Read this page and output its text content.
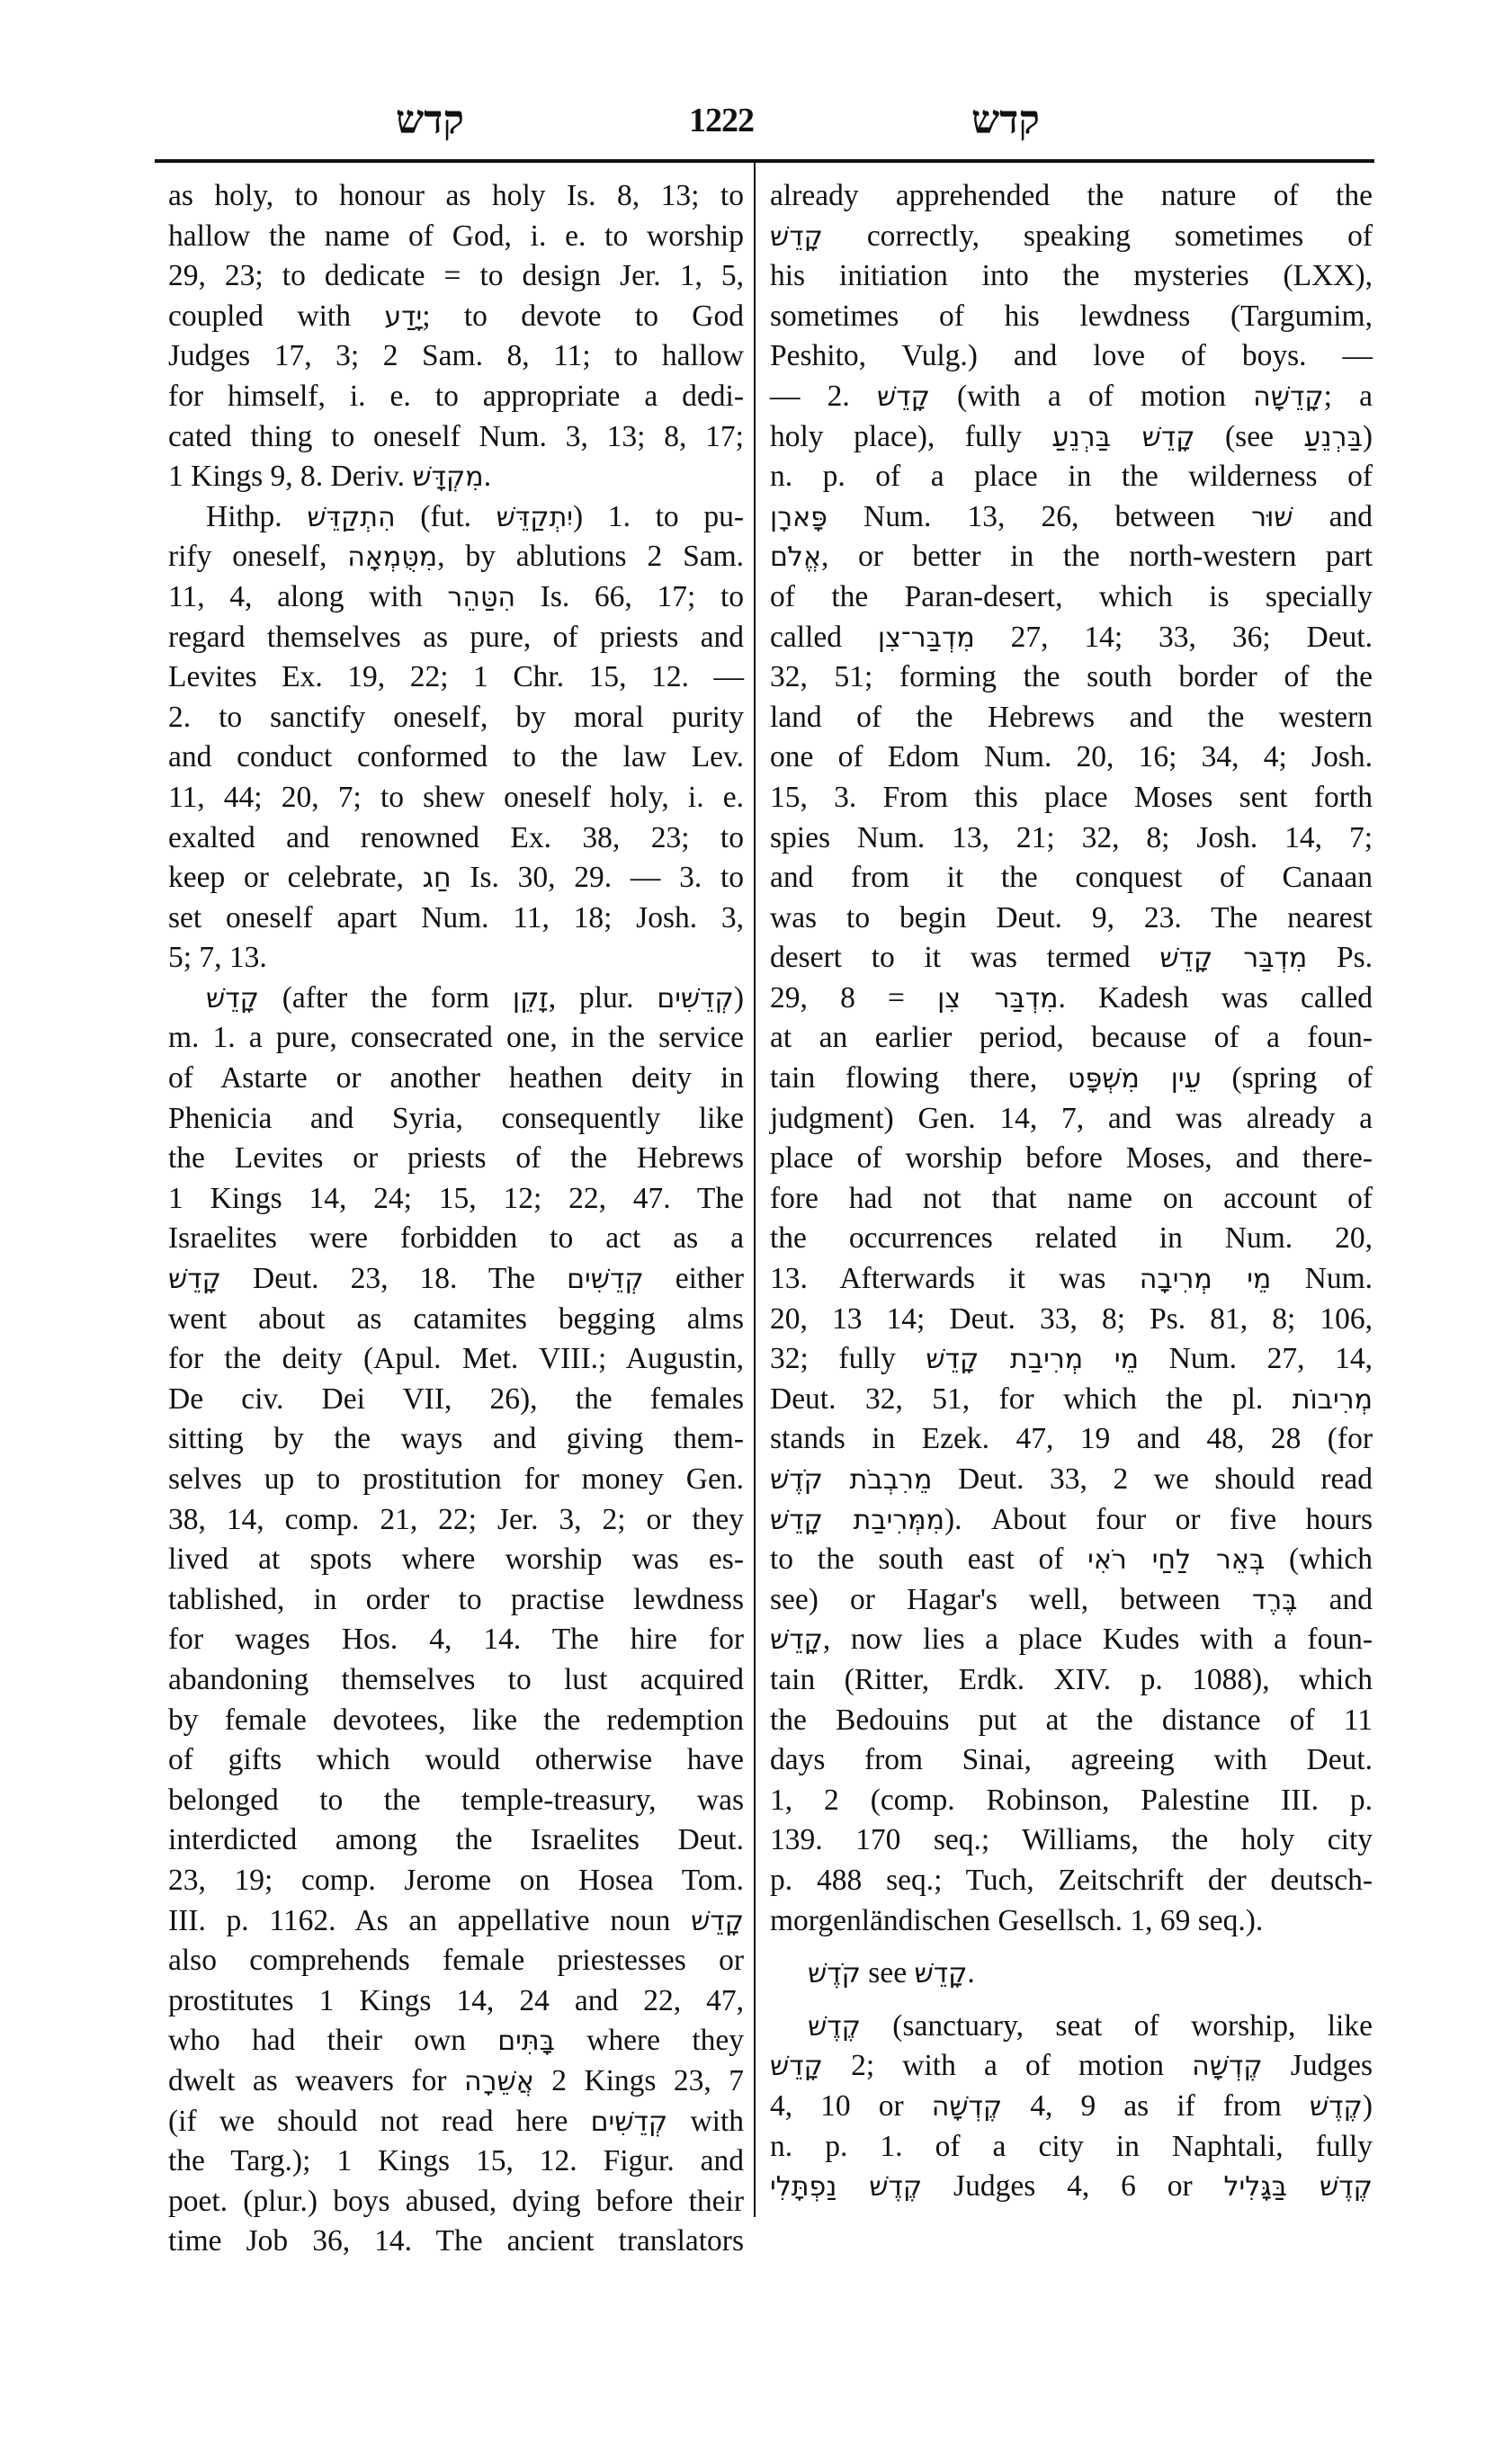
קדש	1222	קדש
as holy, to honour as holy Is. 8, 13; to
hallow the name of God, i. e. to worship
29, 23; to dedicate = to design Jer. 1, 5,
coupled with יָדַע; to devote to God
Judges 17, 3; 2 Sam. 8, 11; to hallow
for himself, i. e. to appropriate a dedi-
cated thing to oneself Num. 3, 13; 8, 17;
1 Kings 9, 8. Deriv. מִקְדָּשׁ.
Hithp. הִתְקַדֵּשׁ (fut. יִתְקַדֵּשׁ) 1. to pu-
rify oneself, מִטֻּמְאָה, by ablutions 2 Sam.
11, 4, along with הִטַּהֵר Is. 66, 17; to
regard themselves as pure, of priests and
Levites Ex. 19, 22; 1 Chr. 15, 12. —
2. to sanctify oneself, by moral purity
and conduct conformed to the law Lev.
11, 44; 20, 7; to shew oneself holy, i. e.
exalted and renowned Ex. 38, 23; to
keep or celebrate, חַג Is. 30, 29. — 3. to
set oneself apart Num. 11, 18; Josh. 3,
5; 7, 13.
קָדֵשׁ (after the form זָקֵן, plur. קְדֵשִׁים)
m. 1. a pure, consecrated one, in the service
of Astarte or another heathen deity in
Phenicia and Syria, consequently like
the Levites or priests of the Hebrews
1 Kings 14, 24; 15, 12; 22, 47. The
Israelites were forbidden to act as a
קָדֵשׁ Deut. 23, 18. The קְדֵשִׁים either
went about as catamites begging alms
for the deity (Apul. Met. VIII.; Augustin,
De civ. Dei VII, 26), the females
sitting by the ways and giving them-
selves up to prostitution for money Gen.
38, 14, comp. 21, 22; Jer. 3, 2; or they
lived at spots where worship was es-
tablished, in order to practise lewdness
for wages Hos. 4, 14. The hire for
abandoning themselves to lust acquired
by female devotees, like the redemption
of gifts which would otherwise have
belonged to the temple-treasury, was
interdicted among the Israelites Deut.
23, 19; comp. Jerome on Hosea Tom.
III. p. 1162. As an appellative noun קָדֵשׁ
also comprehends female priestesses or
prostitutes 1 Kings 14, 24 and 22, 47,
who had their own בָּתִּים where they
dwelt as weavers for אֲשֵׁרָה 2 Kings 23, 7
(if we should not read here קְדֵשִׁים with
the Targ.); 1 Kings 15, 12. Figur. and
poet. (plur.) boys abused, dying before their
time Job 36, 14. The ancient translators
already apprehended the nature of the
קָדֵשׁ correctly, speaking sometimes of
his initiation into the mysteries (LXX),
sometimes of his lewdness (Targumim,
Peshito, Vulg.) and love of boys. —
— 2. קָדֵשׁ (with a of motion קָדֵשָׁה; a
holy place), fully קָדֵשׁ בַּרְנֵעַ (see בַּרְנֵעַ)
n. p. of a place in the wilderness of
פָּארָן Num. 13, 26, between שׁוּר and
אֱלֹם, or better in the north-western part
of the Paran-desert, which is specially
called מִדְבַּר־צִן 27, 14; 33, 36; Deut.
32, 51; forming the south border of the
land of the Hebrews and the western
one of Edom Num. 20, 16; 34, 4; Josh.
15, 3. From this place Moses sent forth
spies Num. 13, 21; 32, 8; Josh. 14, 7;
and from it the conquest of Canaan
was to begin Deut. 9, 23. The nearest
desert to it was termed מִדְבַּר קָדֵשׁ Ps.
29, 8 = מִדְבַּר צִן. Kadesh was called
at an earlier period, because of a foun-
tain flowing there, עֵין מִשְׁפָּט (spring of
judgment) Gen. 14, 7, and was already a
place of worship before Moses, and there-
fore had not that name on account of
the occurrences related in Num. 20,
13. Afterwards it was מֵי מְרִיבָה Num.
20, 13 14; Deut. 33, 8; Ps. 81, 8; 106,
32; fully מֵי מְרִיבַת קָדֵשׁ Num. 27, 14,
Deut. 32, 51, for which the pl. מְרִיבוֹת
stands in Ezek. 47, 19 and 48, 28 (for
מֵרִבְבֹת קֹדֶשׁ Deut. 33, 2 we should read
מִמְּרִיבַת קָדֵשׁ). About four or five hours
to the south east of בְּאֵר לַחַי רֹאִי (which
see) or Hagar's well, between בֶּרֶד and
קָדֵשׁ, now lies a place Kudes with a foun-
tain (Ritter, Erdk. XIV. p. 1088), which
the Bedouins put at the distance of 11
days from Sinai, agreeing with Deut.
1, 2 (comp. Robinson, Palestine III. p.
139. 170 seq.; Williams, the holy city
p. 488 seq.; Tuch, Zeitschrift der deutsch-
morgenländischen Gesellsch. 1, 69 seq.).
קֹדֶשׁ see קָדֵשׁ.
קֶדֶשׁ (sanctuary, seat of worship, like
קָדֵשׁ 2; with a of motion קֶדְשָׁה Judges
4, 10 or קֶדְשָׁה 4, 9 as if from קֶדֶשׁ)
n. p. 1. of a city in Naphtali, fully
קֶדֶשׁ נַפְתָּלִי Judges 4, 6 or קֶדֶשׁ בַּגָּלִיל
